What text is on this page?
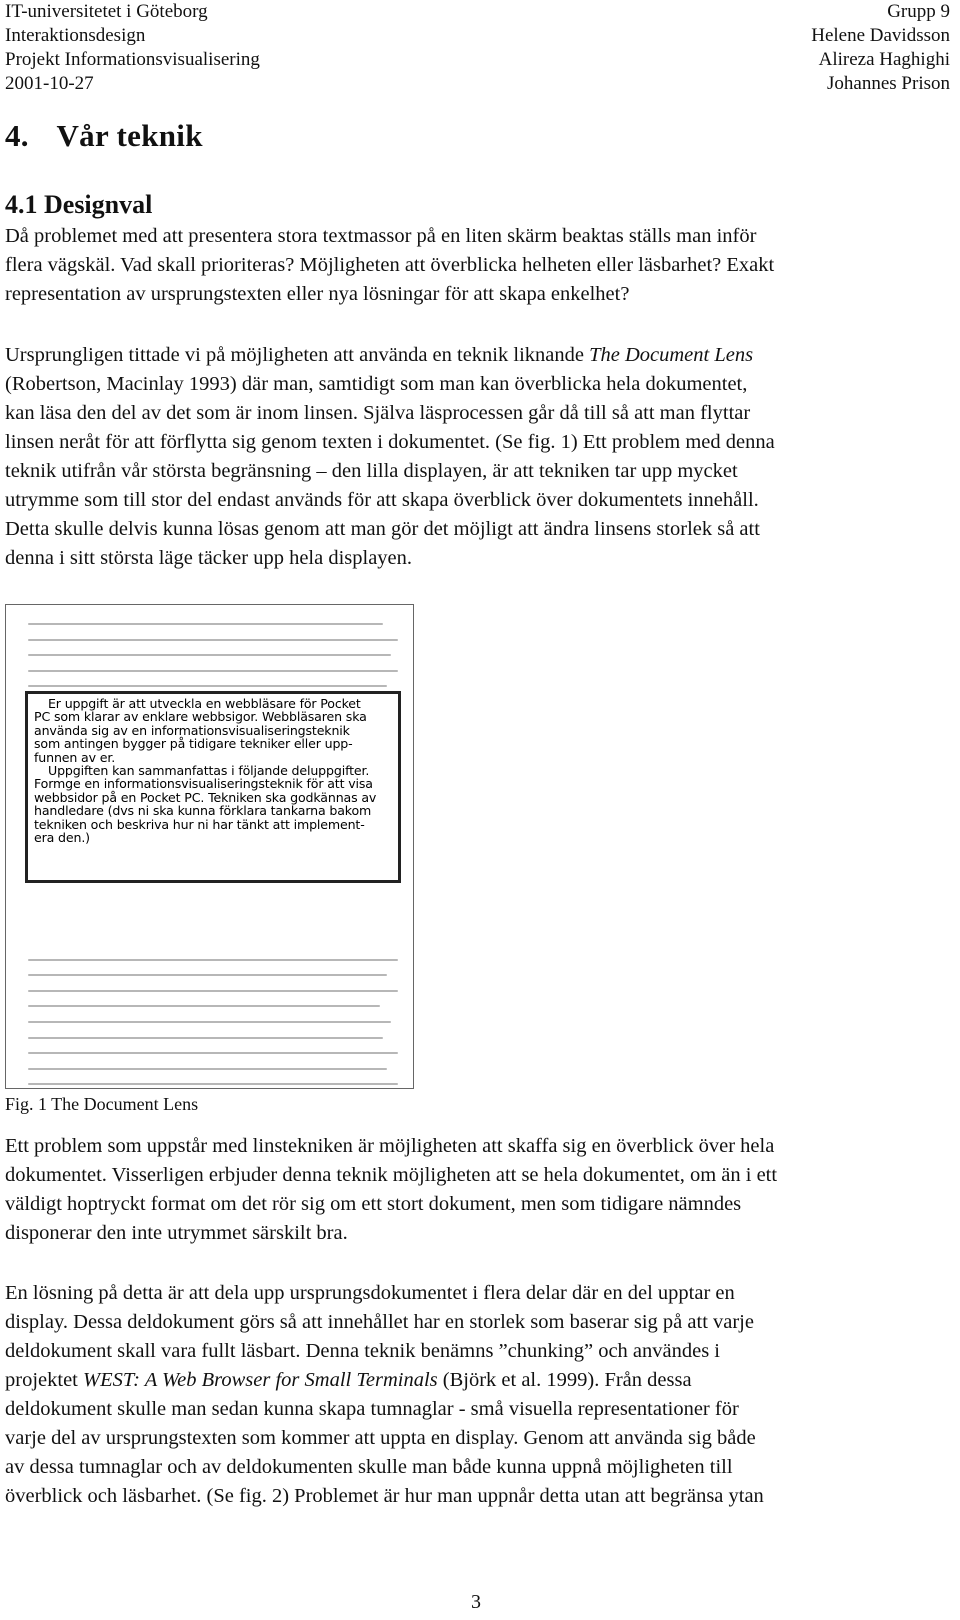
IT-universitetet i Göteborg
Interaktionsdesign
Projekt Informationsvisualisering
2001-10-27
Grupp 9
Helene Davidsson
Alireza Haghighi
Johannes Prison
4. Vår teknik
4.1 Designval

Då problemet med att presentera stora textmassor på en liten skärm beaktas ställs man inför
flera vägskäl. Vad skall prioriteras? Möjligheten att överblicka helheten eller läsbarhet? Exakt
representation av ursprungstexten eller nya lösningar för att skapa enkelhet?

Ursprungligen tittade vi på möjligheten att använda en teknik liknande The Document Lens
(Robertson, Macinlay 1993) där man, samtidigt som man kan överblicka hela dokumentet,
kan läsa den del av det som är inom linsen. Själva läsprocessen går då till så att man flyttar
linsen neråt för att förflytta sig genom texten i dokumentet. (Se fig. 1) Ett problem med denna
teknik utifrån vår största begränsning – den lilla displayen, är att tekniken tar upp mycket
utrymme som till stor del endast används för att skapa överblick över dokumentets innehåll.
Detta skulle delvis kunna lösas genom att man gör det möjligt att ändra linsens storlek så att
denna i sitt största läge täcker upp hela displayen.

Er uppgift är att utveckla en webbläsare för Pocket
PC som klarar av enklare webbsigor. Webbläsaren ska
använda sig av en informationsvisualiseringsteknik
som antingen bygger på tidigare tekniker eller upp-
funnen av er.
Uppgiften kan sammanfattas i följande deluppgifter.
Formge en informationsvisualiseringsteknik för att visa
webbsidor på en Pocket PC. Tekniken ska godkännas av
handledare (dvs ni ska kunna förklara tankarna bakom
tekniken och beskriva hur ni har tänkt att implement-
era den.)

Fig. 1 The Document Lens

Ett problem som uppstår med linstekniken är möjligheten att skaffa sig en överblick över hela
dokumentet. Visserligen erbjuder denna teknik möjligheten att se hela dokumentet, om än i ett
väldigt hoptryckt format om det rör sig om ett stort dokument, men som tidigare nämndes
disponerar den inte utrymmet särskilt bra.

En lösning på detta är att dela upp ursprungsdokumentet i flera delar där en del upptar en
display. Dessa deldokument görs så att innehållet har en storlek som baserar sig på att varje
deldokument skall vara fullt läsbart. Denna teknik benämns ”chunking” och användes i
projektet WEST: A Web Browser for Small Terminals (Björk et al. 1999). Från dessa
deldokument skulle man sedan kunna skapa tumnaglar - små visuella representationer för
varje del av ursprungstexten som kommer att uppta en display. Genom att använda sig både
av dessa tumnaglar och av deldokumenten skulle man både kunna uppnå möjligheten till
överblick och läsbarhet. (Se fig. 2) Problemet är hur man uppnår detta utan att begränsa ytan

3
